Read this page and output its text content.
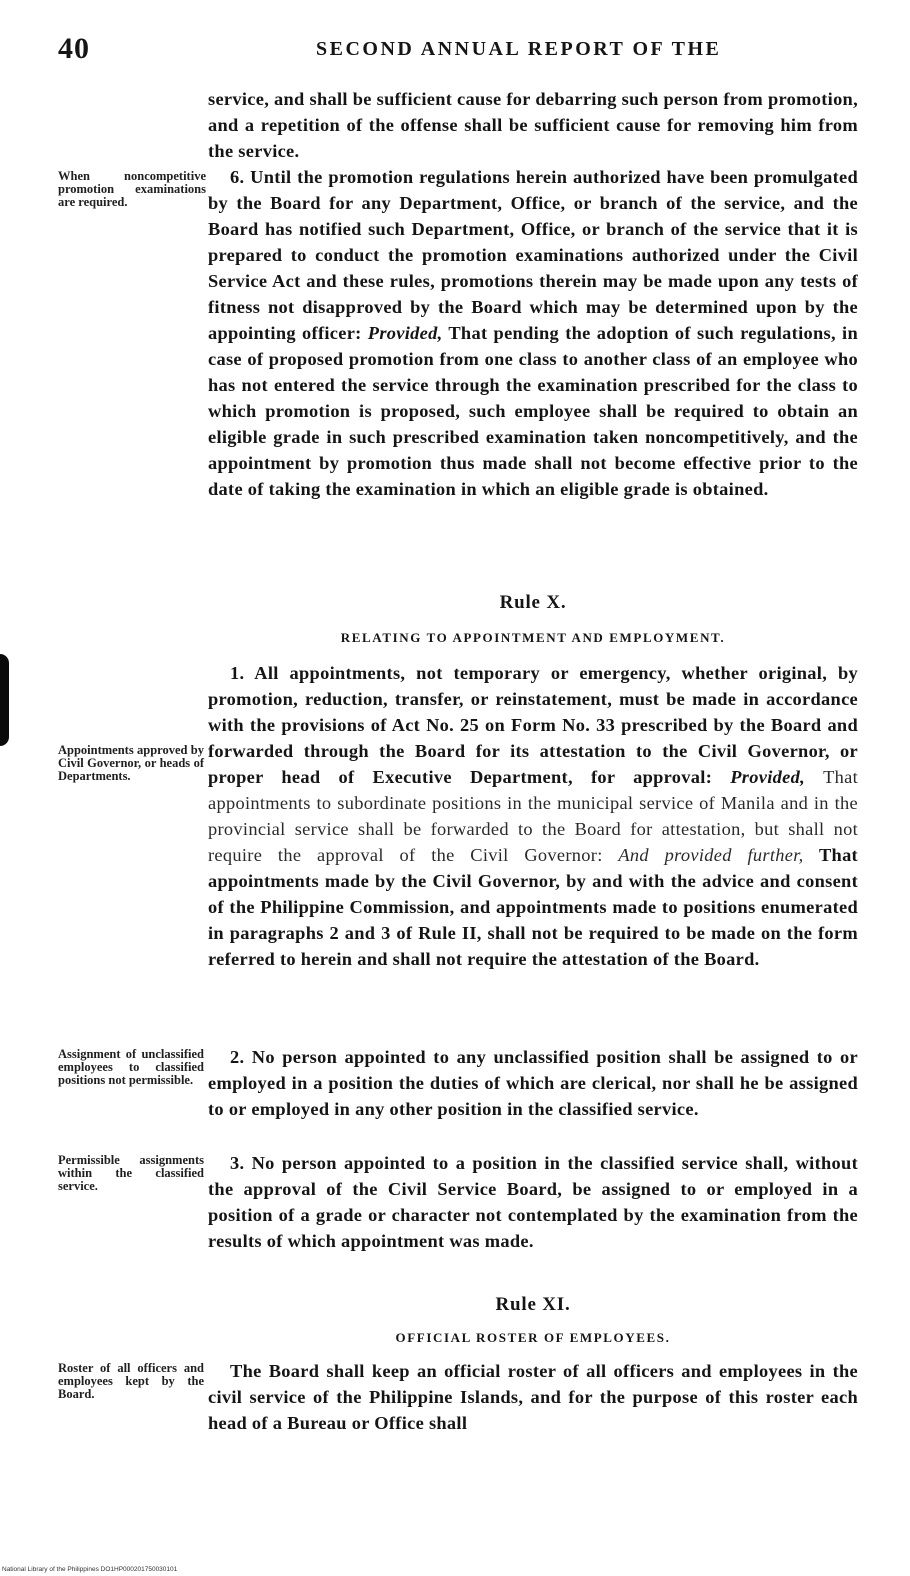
40	SECOND ANNUAL REPORT OF THE

service, and shall be sufficient cause for debarring such person from promotion, and a repetition of the offense shall be sufficient cause for removing him from the service.

When noncompetitive promotion examinations are required.

6. Until the promotion regulations herein authorized have been promulgated by the Board for any Department, Office, or branch of the service, and the Board has notified such Department, Office, or branch of the service that it is prepared to conduct the promotion examinations authorized under the Civil Service Act and these rules, promotions therein may be made upon any tests of fitness not disapproved by the Board which may be determined upon by the appointing officer: Provided, That pending the adoption of such regulations, in case of proposed promotion from one class to another class of an employee who has not entered the service through the examination prescribed for the class to which promotion is proposed, such employee shall be required to obtain an eligible grade in such prescribed examination taken noncompetitively, and the appointment by promotion thus made shall not become effective prior to the date of taking the examination in which an eligible grade is obtained.

Rule X.
RELATING TO APPOINTMENT AND EMPLOYMENT.
Appointments approved by Civil Governor, or heads of Departments.

1. All appointments, not temporary or emergency, whether original, by promotion, reduction, transfer, or reinstatement, must be made in accordance with the provisions of Act No. 25 on Form No. 33 prescribed by the Board and forwarded through the Board for its attestation to the Civil Governor, or proper head of Executive Department, for approval: Provided, That appointments to subordinate positions in the municipal service of Manila and in the provincial service shall be forwarded to the Board for attestation, but shall not require the approval of the Civil Governor: And provided further, That appointments made by the Civil Governor, by and with the advice and consent of the Philippine Commission, and appointments made to positions enumerated in paragraphs 2 and 3 of Rule II, shall not be required to be made on the form referred to herein and shall not require the attestation of the Board.

Assignment of unclassified employees to classified positions not permissible.

2. No person appointed to any unclassified position shall be assigned to or employed in a position the duties of which are clerical, nor shall he be assigned to or employed in any other position in the classified service.

Permissible assignments within the classified service.

3. No person appointed to a position in the classified service shall, without the approval of the Civil Service Board, be assigned to or employed in a position of a grade or character not contemplated by the examination from the results of which appointment was made.

Rule XI.
OFFICIAL ROSTER OF EMPLOYEES.
Roster of all officers and employees kept by the Board.

The Board shall keep an official roster of all officers and employees in the civil service of the Philippine Islands, and for the purpose of this roster each head of a Bureau or Office shall

National Library of the Philippines DO1HP000201750030101
